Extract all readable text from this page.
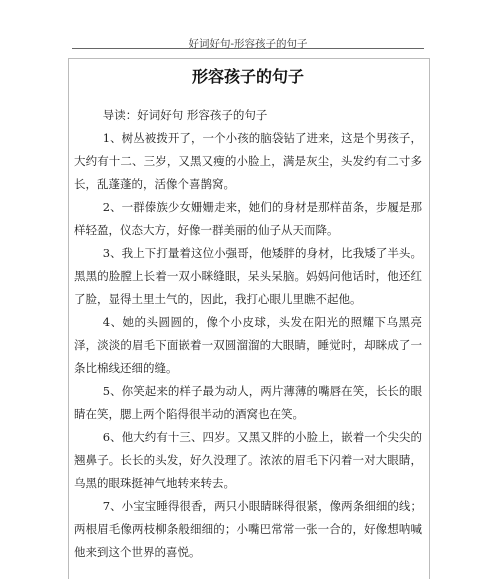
好词好句-形容孩子的句子
形容孩子的句子

导读：好词好句 形容孩子的句子

1、树丛被拨开了，一个小孩的脑袋钻了进来，这是个男孩子，大约有十二、三岁，又黑又瘦的小脸上，满是灰尘，头发约有二寸多长，乱蓬蓬的，活像个喜鹊窝。

2、一群傣族少女姗姗走来，她们的身材是那样苗条，步履是那样轻盈，仪态大方，好像一群美丽的仙子从天而降。

3、我上下打量着这位小强哥，他矮胖的身材，比我矮了半头。黑黑的脸膛上长着一双小眯缝眼，呆头呆脑。妈妈问他话时，他还红了脸，显得土里土气的，因此，我打心眼儿里瞧不起他。

4、她的头圆圆的，像个小皮球，头发在阳光的照耀下乌黑亮泽，淡淡的眉毛下面嵌着一双圆溜溜的大眼睛，睡觉时，却眯成了一条比棉线还细的缝。

5、你笑起来的样子最为动人，两片薄薄的嘴唇在笑，长长的眼睛在笑，腮上两个陷得很半动的酒窝也在笑。

6、他大约有十三、四岁。又黑又胖的小脸上，嵌着一个尖尖的翘鼻子。长长的头发，好久没理了。浓浓的眉毛下闪着一对大眼睛，乌黑的眼珠挺神气地转来转去。

7、小宝宝睡得很香，两只小眼睛眯得很紧，像两条细细的线；两根眉毛像两枝柳条般细细的；小嘴巴常常一张一合的，好像想呐喊他来到这个世界的喜悦。
